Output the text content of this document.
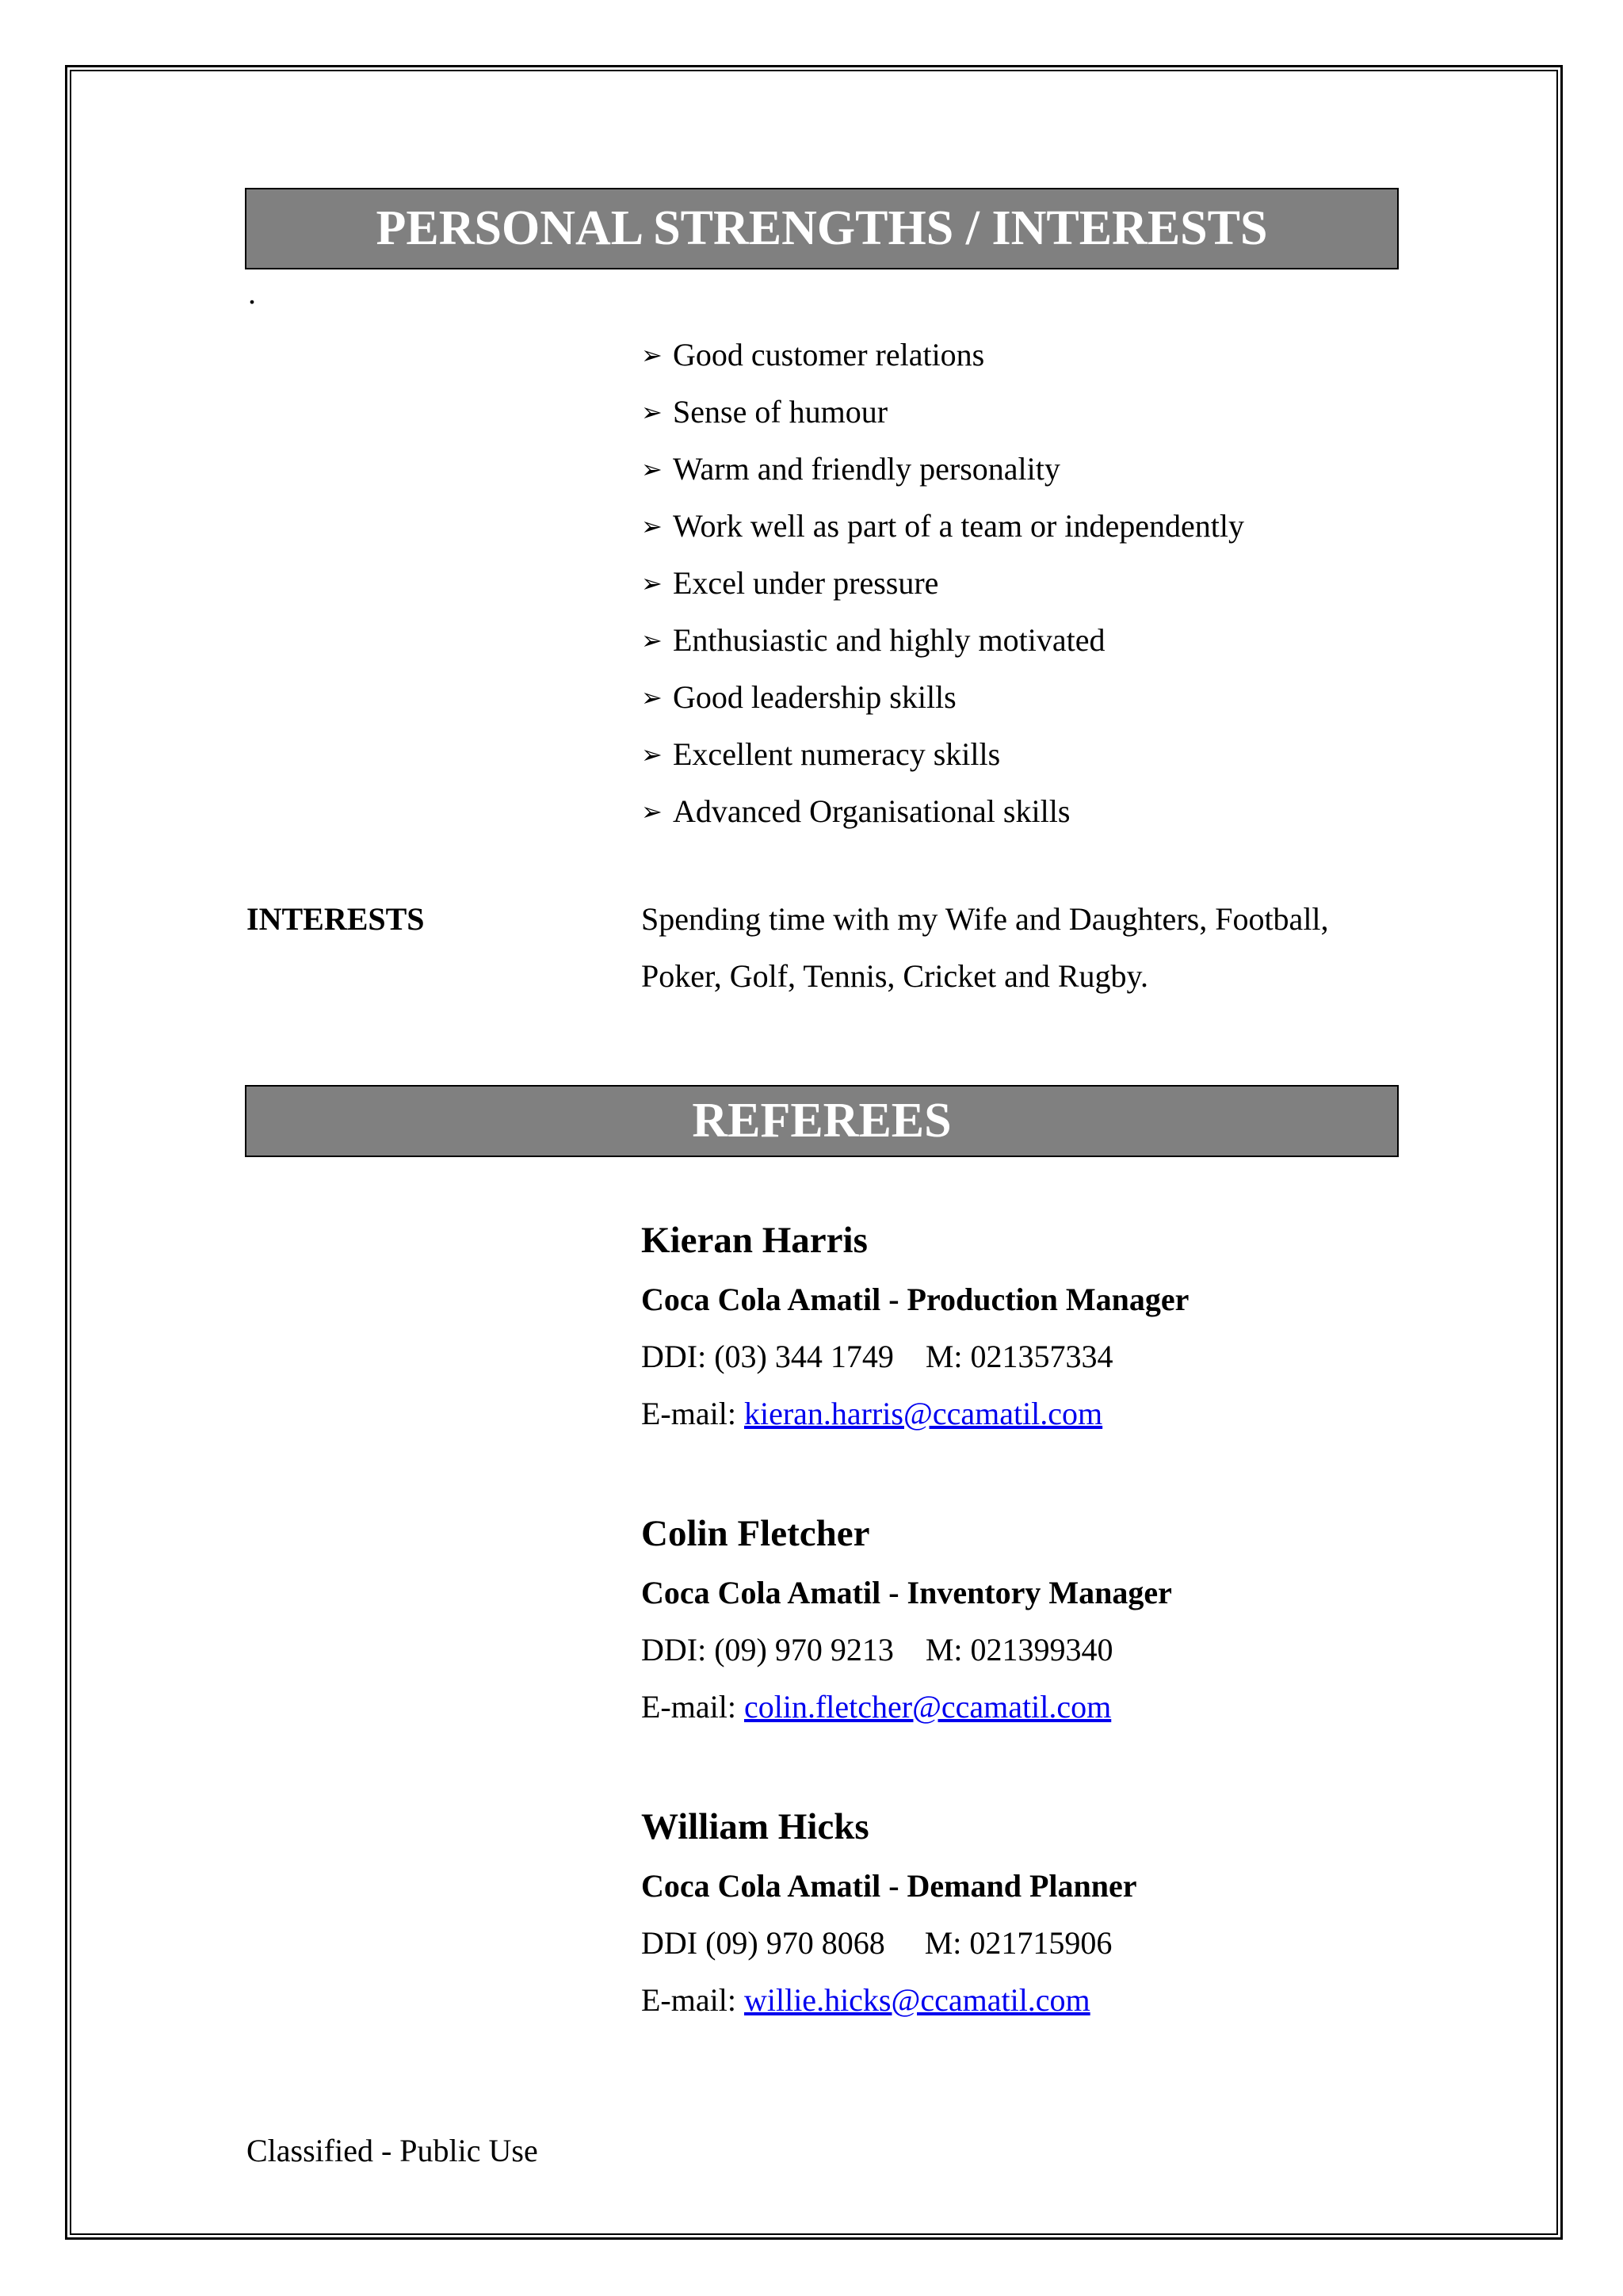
PERSONAL STRENGTHS / INTERESTS
.
➢ Good customer relations
➢ Sense of humour
➢ Warm and friendly personality
➢ Work well as part of a team or independently
➢ Excel under pressure
➢ Enthusiastic and highly motivated
➢ Good leadership skills
➢ Excellent numeracy skills
➢ Advanced Organisational skills
INTERESTS	Spending time with my Wife and Daughters, Football,
Poker, Golf, Tennis, Cricket and Rugby.
REFEREES
Kieran Harris
Coca Cola Amatil - Production Manager
DDI: (03) 344 1749    M: 021357334
E-mail: kieran.harris@ccamatil.com
Colin Fletcher
Coca Cola Amatil - Inventory Manager
DDI: (09) 970 9213    M: 021399340
E-mail: colin.fletcher@ccamatil.com
William Hicks
Coca Cola Amatil - Demand Planner
DDI (09) 970 8068     M: 021715906
E-mail: willie.hicks@ccamatil.com
Classified - Public Use
